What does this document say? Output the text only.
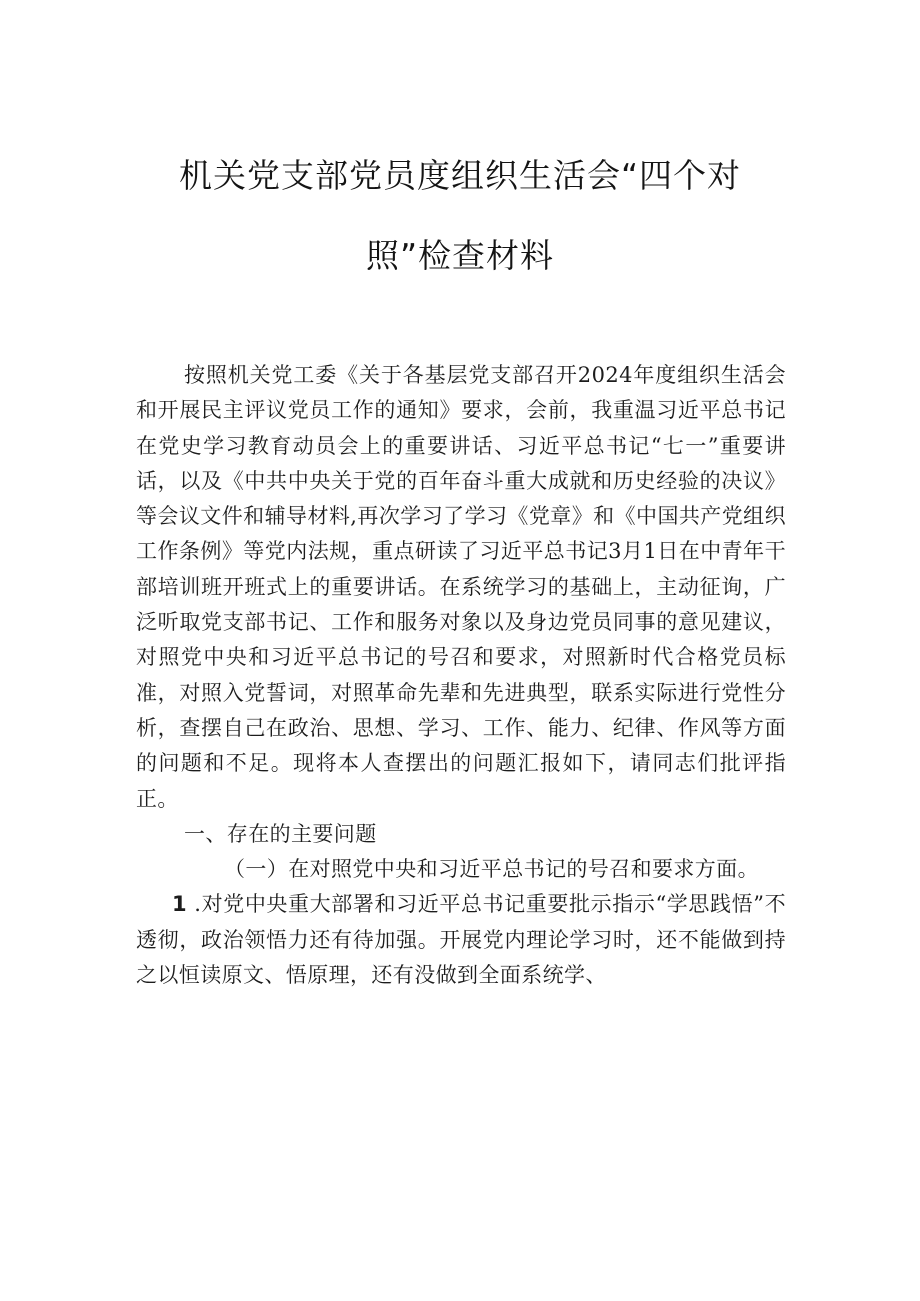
机关党支部党员度组织生活会“四个对
照”检查材料

按照机关党工委《关于各基层党支部召开2024年度组织生活会和开展民主评议党员工作的通知》要求，会前，我重温习近平总书记在党史学习教育动员会上的重要讲话、习近平总书记“七一”重要讲话，以及《中共中央关于党的百年奋斗重大成就和历史经验的决议》等会议文件和辅导材料,再次学习了学习《党章》和《中国共产党组织工作条例》等党内法规，重点研读了习近平总书记3月1日在中青年干部培训班开班式上的重要讲话。在系统学习的基础上，主动征询，广泛听取党支部书记、工作和服务对象以及身边党员同事的意见建议，对照党中央和习近平总书记的号召和要求，对照新时代合格党员标准，对照入党誓词，对照革命先辈和先进典型，联系实际进行党性分析，查摆自己在政治、思想、学习、工作、能力、纪律、作风等方面的问题和不足。现将本人查摆出的问题汇报如下，请同志们批评指正。

一、存在的主要问题

（一）在对照党中央和习近平总书记的号召和要求方面。

1 .对党中央重大部署和习近平总书记重要批示指示“学思践悟”不透彻，政治领悟力还有待加强。开展党内理论学习时，还不能做到持之以恒读原文、悟原理，还有没做到全面系统学、
